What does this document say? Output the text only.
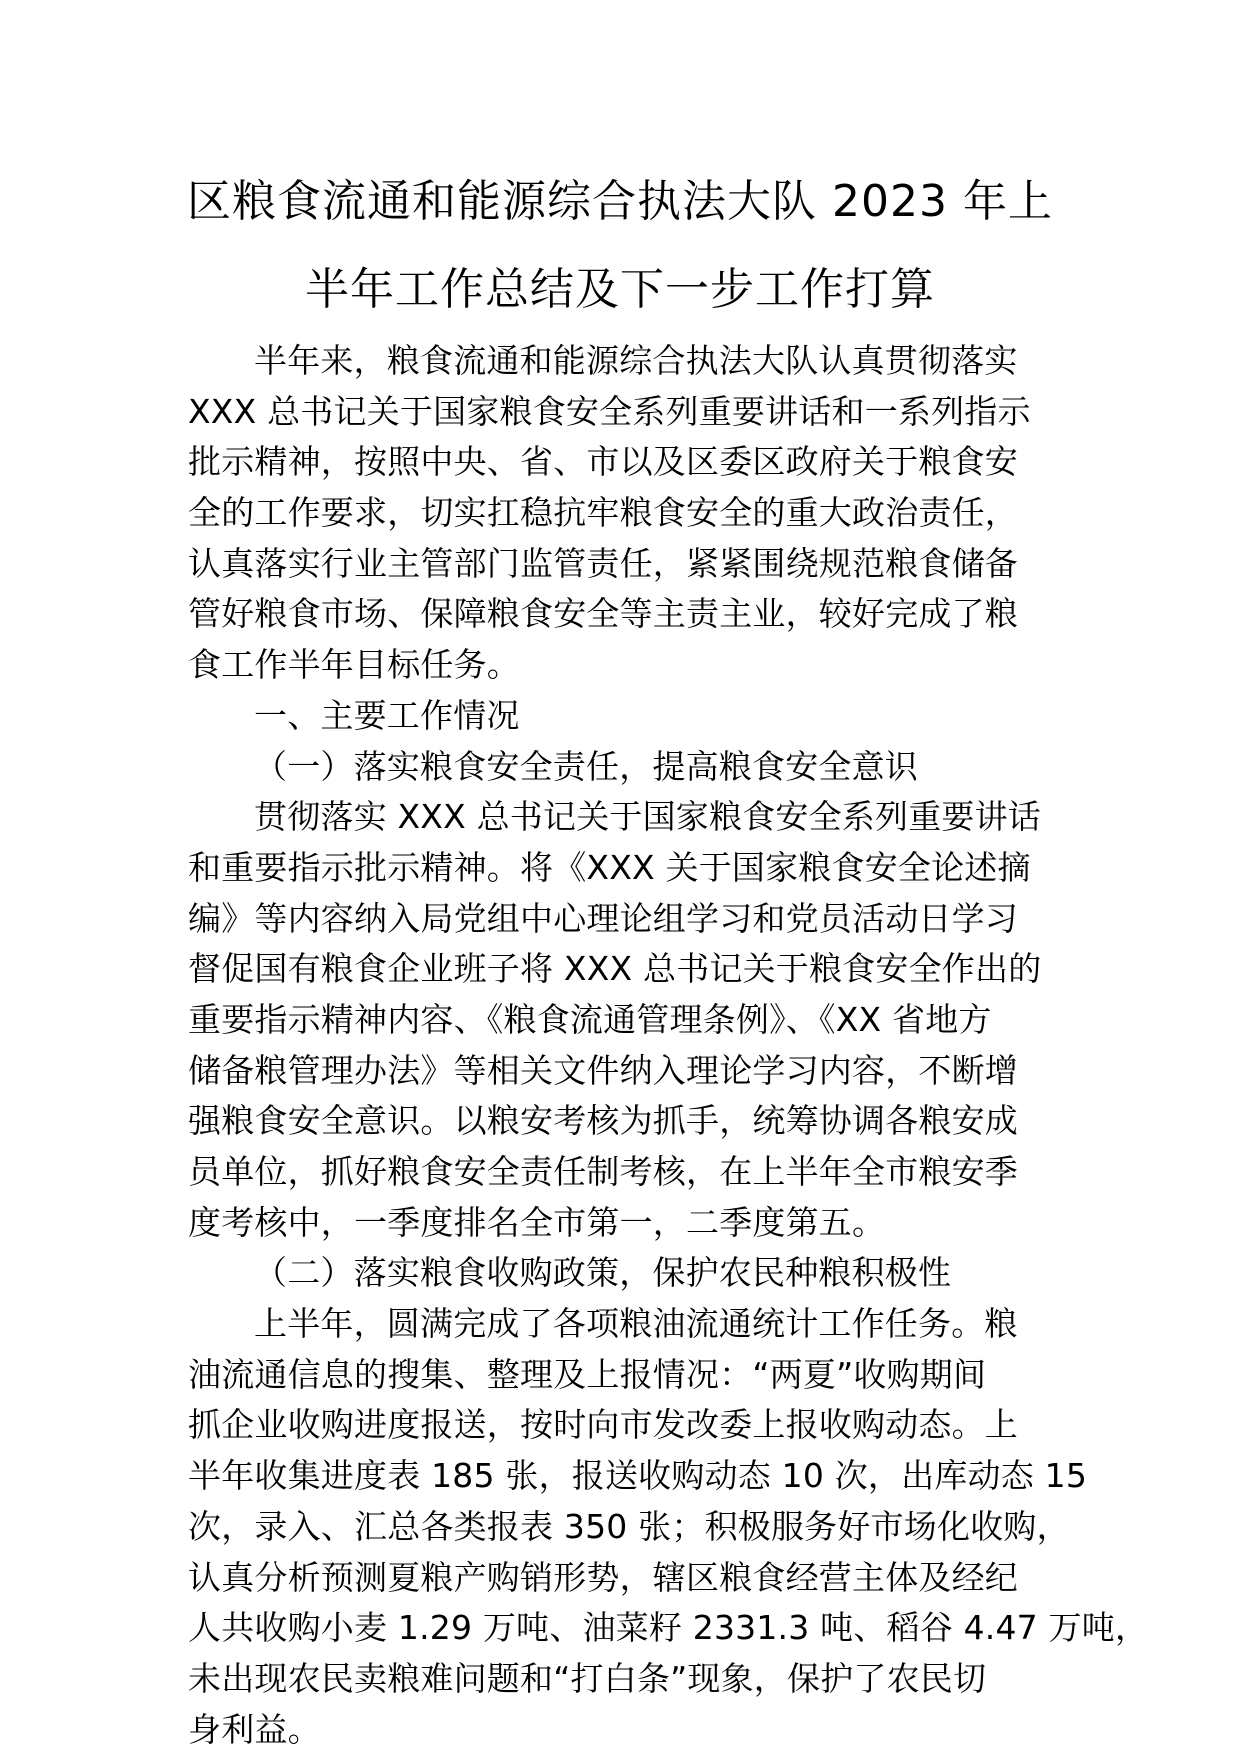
区粮食流通和能源综合执法大队 2023 年上
半年工作总结及下一步工作打算
半年来，粮食流通和能源综合执法大队认真贯彻落实
XXX 总书记关于国家粮食安全系列重要讲话和一系列指示
批示精神，按照中央、省、市以及区委区政府关于粮食安
全的工作要求，切实扛稳抗牢粮食安全的重大政治责任，
认真落实行业主管部门监管责任，紧紧围绕规范粮食储备
管好粮食市场、保障粮食安全等主责主业，较好完成了粮
食工作半年目标任务。
一、主要工作情况
（一）落实粮食安全责任，提高粮食安全意识
贯彻落实 XXX 总书记关于国家粮食安全系列重要讲话
和重要指示批示精神。将《XXX 关于国家粮食安全论述摘
编》等内容纳入局党组中心理论组学习和党员活动日学习
督促国有粮食企业班子将 XXX 总书记关于粮食安全作出的
重要指示精神内容、《粮食流通管理条例》、《XX 省地方
储备粮管理办法》等相关文件纳入理论学习内容，不断增
强粮食安全意识。以粮安考核为抓手，统筹协调各粮安成
员单位，抓好粮食安全责任制考核，在上半年全市粮安季
度考核中，一季度排名全市第一，二季度第五。
（二）落实粮食收购政策，保护农民种粮积极性
上半年，圆满完成了各项粮油流通统计工作任务。粮
油流通信息的搜集、整理及上报情况：“两夏”收购期间
抓企业收购进度报送，按时向市发改委上报收购动态。上
半年收集进度表 185 张，报送收购动态 10 次，出库动态 15
次，录入、汇总各类报表 350 张；积极服务好市场化收购，
认真分析预测夏粮产购销形势，辖区粮食经营主体及经纪
人共收购小麦 1.29 万吨、油菜籽 2331.3 吨、稻谷 4.47 万吨，
未出现农民卖粮难问题和“打白条”现象，保护了农民切
身利益。
